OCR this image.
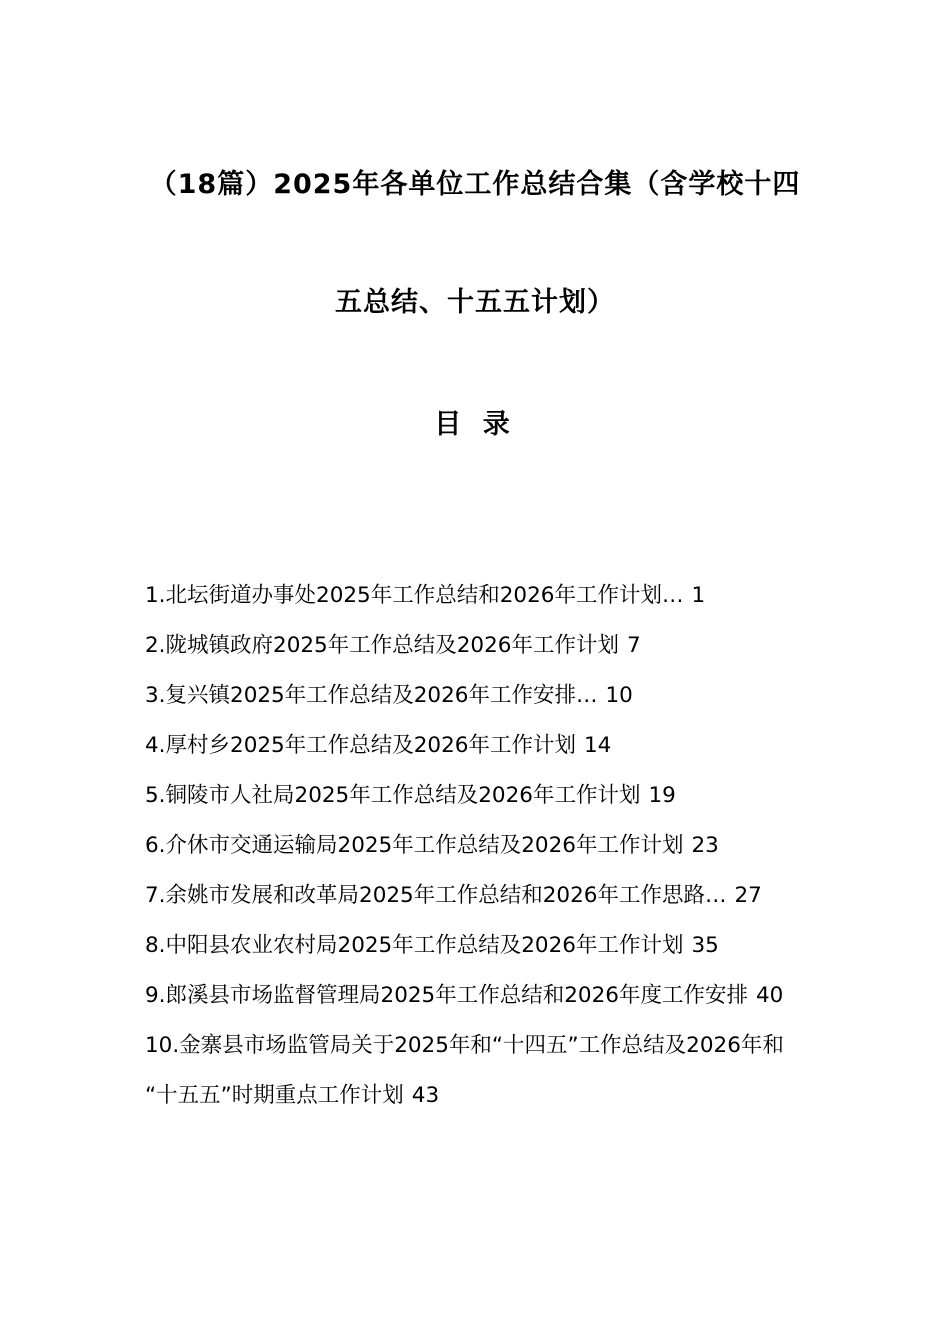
（18篇）2025年各单位工作总结合集（含学校十四
五总结、十五五计划）
目 录
1.北坛街道办事处2025年工作总结和2026年工作计划… 1
2.陇城镇政府2025年工作总结及2026年工作计划 7
3.复兴镇2025年工作总结及2026年工作安排… 10
4.厚村乡2025年工作总结及2026年工作计划 14
5.铜陵市人社局2025年工作总结及2026年工作计划 19
6.介休市交通运输局2025年工作总结及2026年工作计划 23
7.余姚市发展和改革局2025年工作总结和2026年工作思路… 27
8.中阳县农业农村局2025年工作总结及2026年工作计划 35
9.郎溪县市场监督管理局2025年工作总结和2026年度工作安排 40
10.金寨县市场监管局关于2025年和“十四五”工作总结及2026年和 “十五五”时期重点工作计划 43
